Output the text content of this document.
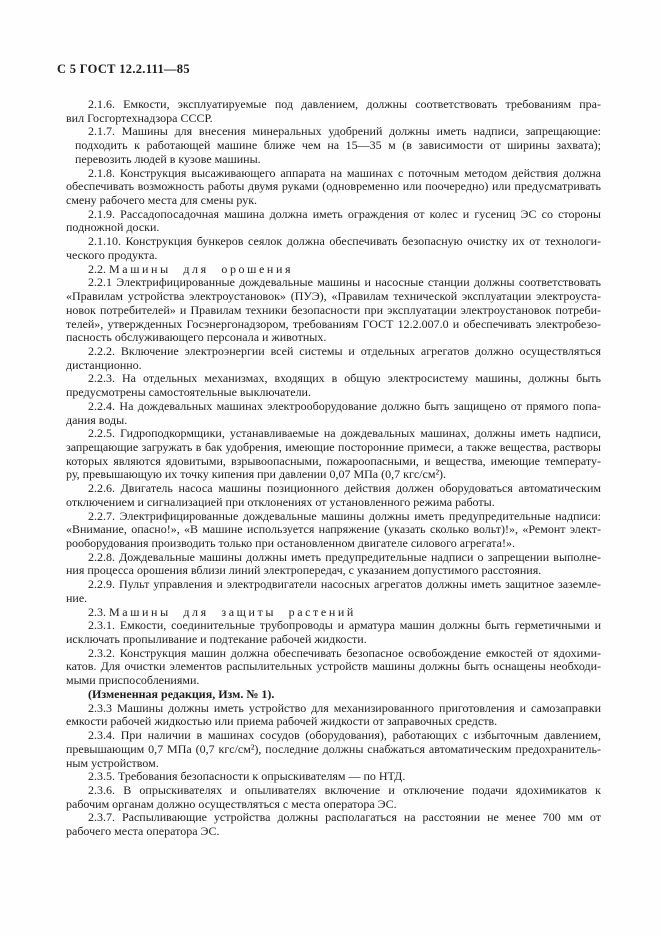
С 5 ГОСТ 12.2.111—85
2.1.6. Емкости, эксплуатируемые под давлением, должны соответствовать требованиям пра-
вил Госгортехнадзора СССР.
2.1.7. Машины для внесения минеральных удобрений должны иметь надписи, запрещающие:
подходить к работающей машине ближе чем на 15—35 м (в зависимости от ширины захвата);
перевозить людей в кузове машины.
2.1.8. Конструкция высаживающего аппарата на машинах с поточным методом действия должна
обеспечивать возможность работы двумя руками (одновременно или поочередно) или предусматривать
смену рабочего места для смены рук.
2.1.9. Рассадопосадочная машина должна иметь ограждения от колес и гусениц ЭС со стороны
подножной доски.
2.1.10. Конструкция бункеров сеялок должна обеспечивать безопасную очистку их от технологи-
ческого продукта.
2.2. Машины для орошения
2.2.1 Электрифицированные дождевальные машины и насосные станции должны соответствовать
«Правилам устройства электроустановок» (ПУЭ), «Правилам технической эксплуатации электроуста-
новок потребителей» и Правилам техники безопасности при эксплуатации электроустановок потреби-
телей», утвержденных Госэнергонадзором, требованиям ГОСТ 12.2.007.0 и обеспечивать электробезо-
пасность обслуживающего персонала и животных.
2.2.2. Включение электроэнергии всей системы и отдельных агрегатов должно осуществляться
дистанционно.
2.2.3. На отдельных механизмах, входящих в общую электросистему машины, должны быть
предусмотрены самостоятельные выключатели.
2.2.4. На дождевальных машинах электрооборудование должно быть защищено от прямого попа-
дания воды.
2.2.5. Гидроподкормщики, устанавливаемые на дождевальных машинах, должны иметь надписи,
запрещающие загружать в бак удобрения, имеющие посторонние примеси, а также вещества, растворы
которых являются ядовитыми, взрывоопасными, пожароопасными, и вещества, имеющие температу-
ру, превышающую их точку кипения при давлении 0,07 МПа (0,7 кгс/см²).
2.2.6. Двигатель насоса машины позиционного действия должен оборудоваться автоматическим
отключением и сигнализацией при отклонениях от установленного режима работы.
2.2.7. Электрифицированные дождевальные машины должны иметь предупредительные надписи:
«Внимание, опасно!», «В машине используется напряжение (указать сколько вольт)!», «Ремонт элект-
рооборудования производить только при остановленном двигателе силового агрегата!».
2.2.8. Дождевальные машины должны иметь предупредительные надписи о запрещении выполне-
ния процесса орошения вблизи линий электропередач, с указанием допустимого расстояния.
2.2.9. Пульт управления и электродвигатели насосных агрегатов должны иметь защитное заземле-
ние.
2.3. Машины для защиты растений
2.3.1. Емкости, соединительные трубопроводы и арматура машин должны быть герметичными и
исключать пропыливание и подтекание рабочей жидкости.
2.3.2. Конструкция машин должна обеспечивать безопасное освобождение емкостей от ядохими-
катов. Для очистки элементов распылительных устройств машины должны быть оснащены необходи-
мыми приспособлениями.
(Измененная редакция, Изм. № 1).
2.3.3 Машины должны иметь устройство для механизированного приготовления и самозаправки
емкости рабочей жидкостью или приема рабочей жидкости от заправочных средств.
2.3.4. При наличии в машинах сосудов (оборудования), работающих с избыточным давлением,
превышающим 0,7 МПа (0,7 кгс/см²), последние должны снабжаться автоматическим предохранитель-
ным устройством.
2.3.5. Требования безопасности к опрыскивателям — по НТД.
2.3.6. В опрыскивателях и опыливателях включение и отключение подачи ядохимикатов к
рабочим органам должно осуществляться с места оператора ЭС.
2.3.7. Распыливающие устройства должны располагаться на расстоянии не менее 700 мм от
рабочего места оператора ЭС.
